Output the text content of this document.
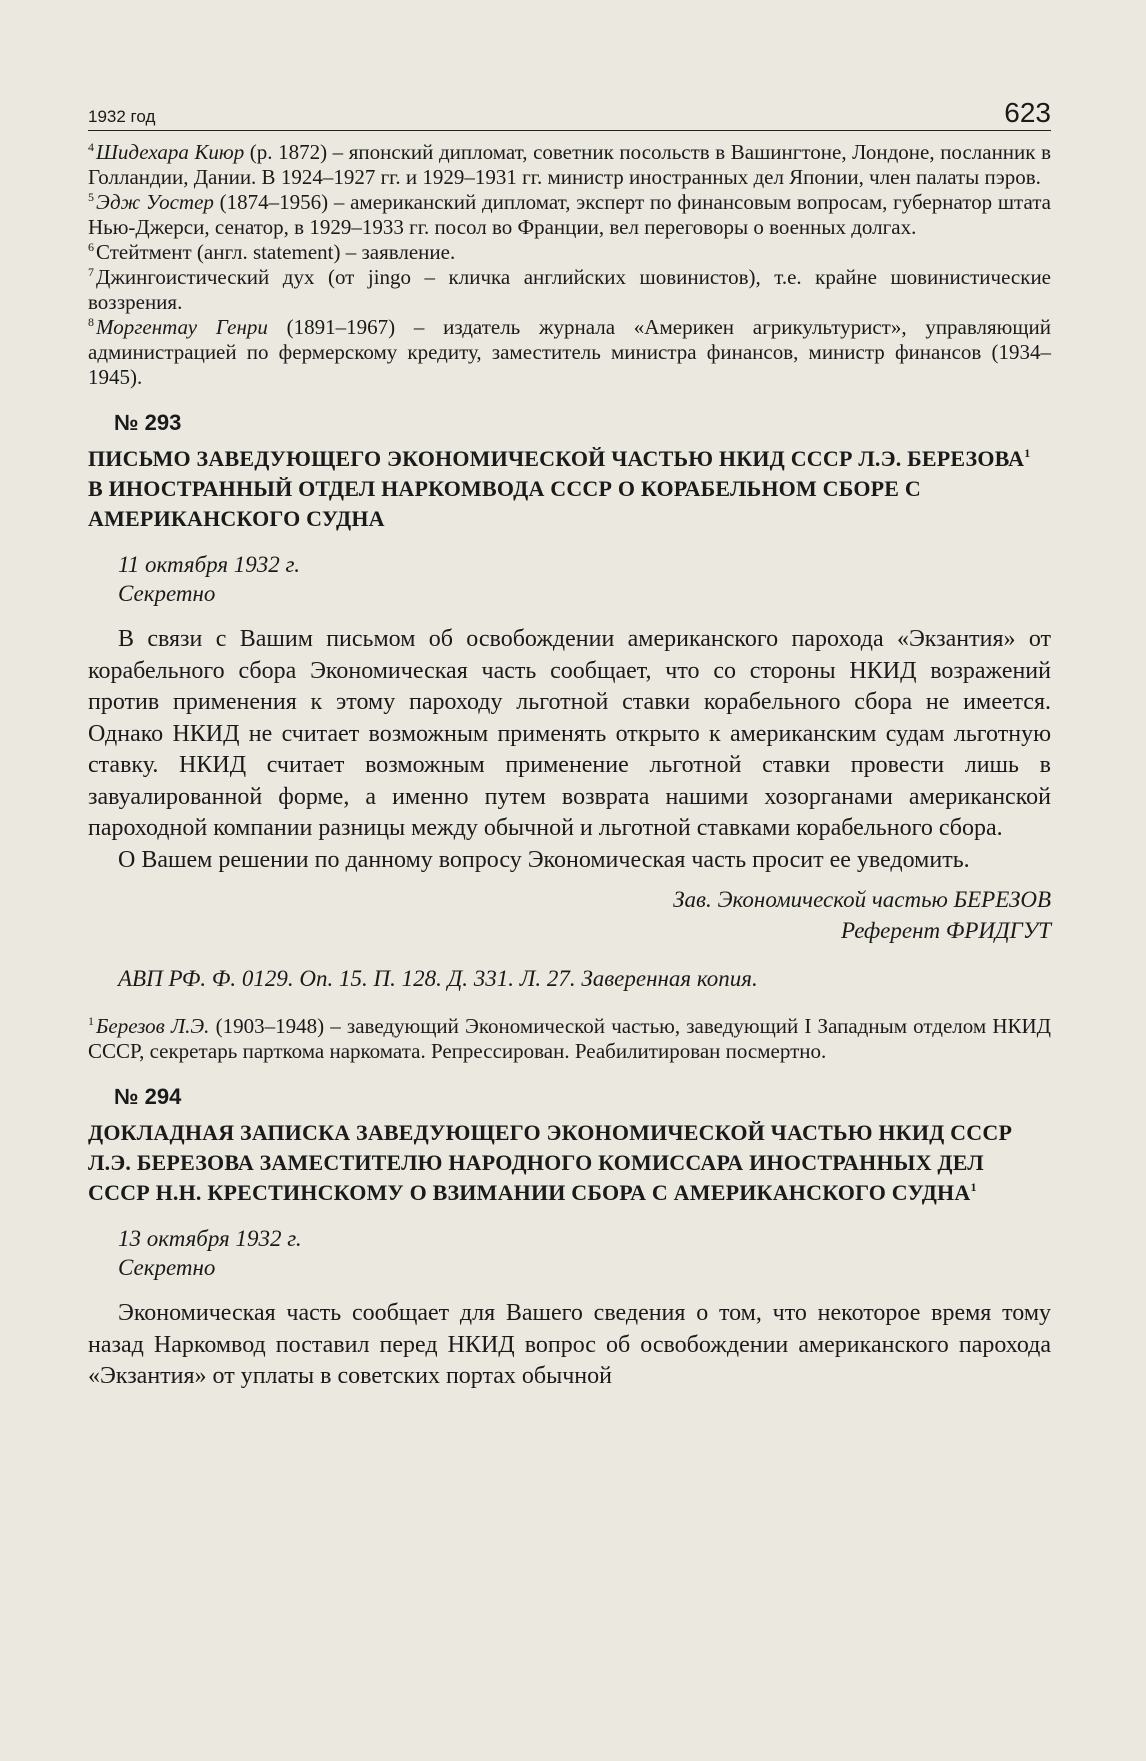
1932 год	623

$^4$Шидехара Киюр (р. 1872) – японский дипломат, советник посольств в Вашингтоне, Лондоне, посланник в Голландии, Дании. В 1924–1927 гг. и 1929–1931 гг. министр иностранных дел Японии, член палаты пэров.

$^5$Эдж Уостер (1874–1956) – американский дипломат, эксперт по финансовым вопросам, губернатор штата Нью-Джерси, сенатор, в 1929–1933 гг. посол во Франции, вел переговоры о военных долгах.

$^6$Стейтмент (англ. statement) – заявление.

$^7$Джингоистический дух (от jingo – кличка английских шовинистов), т.е. крайне шовинистические воззрения.

$^8$Моргентау Генри (1891–1967) – издатель журнала «Америкен агрикультурист», управляющий администрацией по фермерскому кредиту, заместитель министра финансов, министр финансов (1934–1945).

№ 293

ПИСЬМО ЗАВЕДУЮЩЕГО ЭКОНОМИЧЕСКОЙ ЧАСТЬЮ НКИД СССР Л.Э. БЕРЕЗОВА$^1$ В ИНОСТРАННЫЙ ОТДЕЛ НАРКОМВОДА СССР О КОРАБЕЛЬНОМ СБОРЕ С АМЕРИКАНСКОГО СУДНА

11 октября 1932 г.
Секретно

В связи с Вашим письмом об освобождении американского парохода «Экзантия» от корабельного сбора Экономическая часть сообщает, что со стороны НКИД возражений против применения к этому пароходу льготной ставки корабельного сбора не имеется. Однако НКИД не считает возможным применять открыто к американским судам льготную ставку. НКИД считает возможным применение льготной ставки провести лишь в завуалированной форме, а именно путем возврата нашими хозорганами американской пароходной компании разницы между обычной и льготной ставками корабельного сбора.

О Вашем решении по данному вопросу Экономическая часть просит ее уведомить.

Зав. Экономической частью БЕРЕЗОВ

Референт ФРИДГУТ

АВП РФ. Ф. 0129. Оп. 15. П. 128. Д. 331. Л. 27. Заверенная копия.

$^1$Березов Л.Э. (1903–1948) – заведующий Экономической частью, заведующий I Западным отделом НКИД СССР, секретарь парткома наркомата. Репрессирован. Реабилитирован посмертно.

№ 294

ДОКЛАДНАЯ ЗАПИСКА ЗАВЕДУЮЩЕГО ЭКОНОМИЧЕСКОЙ ЧАСТЬЮ НКИД СССР Л.Э. БЕРЕЗОВА ЗАМЕСТИТЕЛЮ НАРОДНОГО КОМИССАРА ИНОСТРАННЫХ ДЕЛ СССР Н.Н. КРЕСТИНСКОМУ О ВЗИМАНИИ СБОРА С АМЕРИКАНСКОГО СУДНА$^1$

13 октября 1932 г.
Секретно

Экономическая часть сообщает для Вашего сведения о том, что некоторое время тому назад Наркомвод поставил перед НКИД вопрос об освобождении американского парохода «Экзантия» от уплаты в советских портах обычной
